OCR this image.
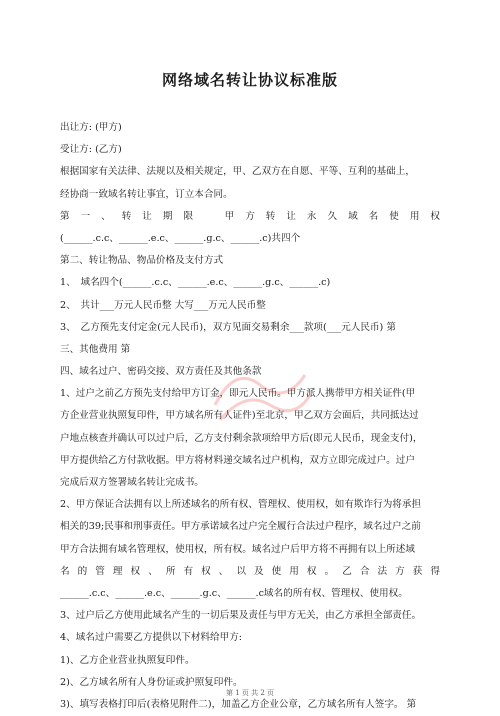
网络域名转让协议标准版
出让方: (甲方)
受让方: (乙方)
根据国家有关法律、法规以及相关规定，甲、乙双方在自愿、平等、互利的基础上，
经协商一致域名转让事宜，订立本合同。
第一、转让期限　甲方转让永久域名使用权
(______.c.c、______.e.c、______.g.c、______.c)共四个
第二、转让物品、物品价格及支付方式
1、　域名四个(______.c.c、______.e.c、______.g.c、______.c)
2、　共计___万元人民币整 大写___万元人民币整
3、　乙方预先支付定金(元人民币)，双方见面交易剩余___款项(___元人民币) 第
三、其他费用 第
四、域名过户、密码交接、双方责任及其他条款
1、过户之前乙方预先支付给甲方订金，即元人民币。甲方派人携带甲方相关证件(甲
方企业营业执照复印件，甲方域名所有人证件)至北京，甲乙双方会面后，共同抵达过
户地点核查并确认可以过户后，乙方支付剩余款项给甲方后(即元人民币，现金支付)，
甲方提供给乙方付款收据。甲方将材料递交域名过户机构，双方立即完成过户。过户
完成后双方签署域名转让完成书。
2、甲方保证合法拥有以上所述域名的所有权、管理权、使用权，如有欺诈行为将承担
相关的39;民事和刑事责任。甲方承诺域名过户完全履行合法过户程序，域名过户之前
甲方合法拥有域名管理权，使用权，所有权。域名过户后甲方将不再拥有以上所述域
名的管理权、所有权、以及使用权。乙合法方获得
______.c.c、______.e.c、______.g.c、______.c域名的所有权、管理权、使用权。
3、过户后乙方使用此域名产生的一切后果及责任与甲方无关，由乙方承担全部责任。
4、域名过户需要乙方提供以下材料给甲方:
1)、乙方企业营业执照复印件。
2)、乙方域名所有人身份证或护照复印件。
3)、填写表格打印后(表格见附件二)，加盖乙方企业公章，乙方域名所有人签字。 第
第 1 页 共 2 页
